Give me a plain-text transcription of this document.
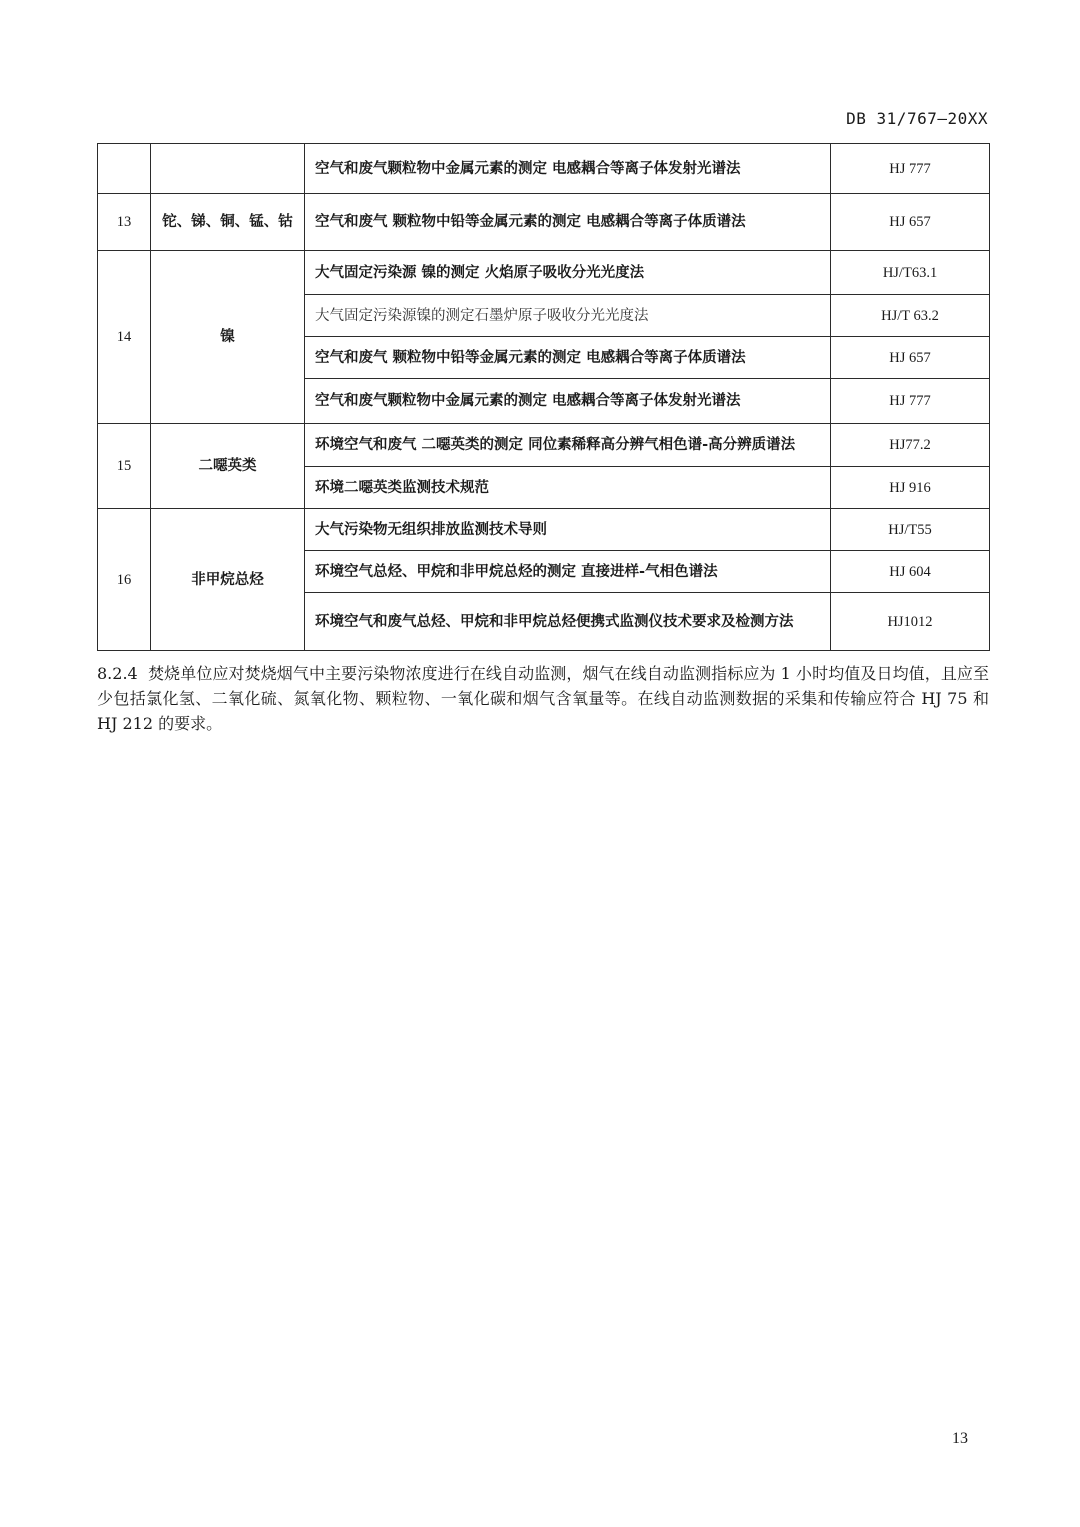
DB 31/767—20XX
		空气和废气颗粒物中金属元素的测定 电感耦合等离子体发射光谱法	HJ 777
13	铊、锑、铜、锰、钴	空气和废气 颗粒物中铅等金属元素的测定 电感耦合等离子体质谱法	HJ 657
14	镍	大气固定污染源 镍的测定 火焰原子吸收分光光度法	HJ/T63.1
		大气固定污染源镍的测定石墨炉原子吸收分光光度法	HJ/T 63.2
		空气和废气 颗粒物中铅等金属元素的测定 电感耦合等离子体质谱法	HJ 657
		空气和废气颗粒物中金属元素的测定 电感耦合等离子体发射光谱法	HJ 777
15	二噁英类	环境空气和废气 二噁英类的测定 同位素稀释高分辨气相色谱-高分辨质谱法	HJ77.2
		环境二噁英类监测技术规范	HJ 916
16	非甲烷总烃	大气污染物无组织排放监测技术导则	HJ/T55
		环境空气总烃、甲烷和非甲烷总烃的测定 直接进样-气相色谱法	HJ 604
		环境空气和废气总烃、甲烷和非甲烷总烃便携式监测仪技术要求及检测方法	HJ1012
8.2.4 焚烧单位应对焚烧烟气中主要污染物浓度进行在线自动监测，烟气在线自动监测指标应为 1 小时均值及日均值，且应至少包括氯化氢、二氧化硫、氮氧化物、颗粒物、一氧化碳和烟气含氧量等。在线自动监测数据的采集和传输应符合 HJ 75 和 HJ 212 的要求。
13
